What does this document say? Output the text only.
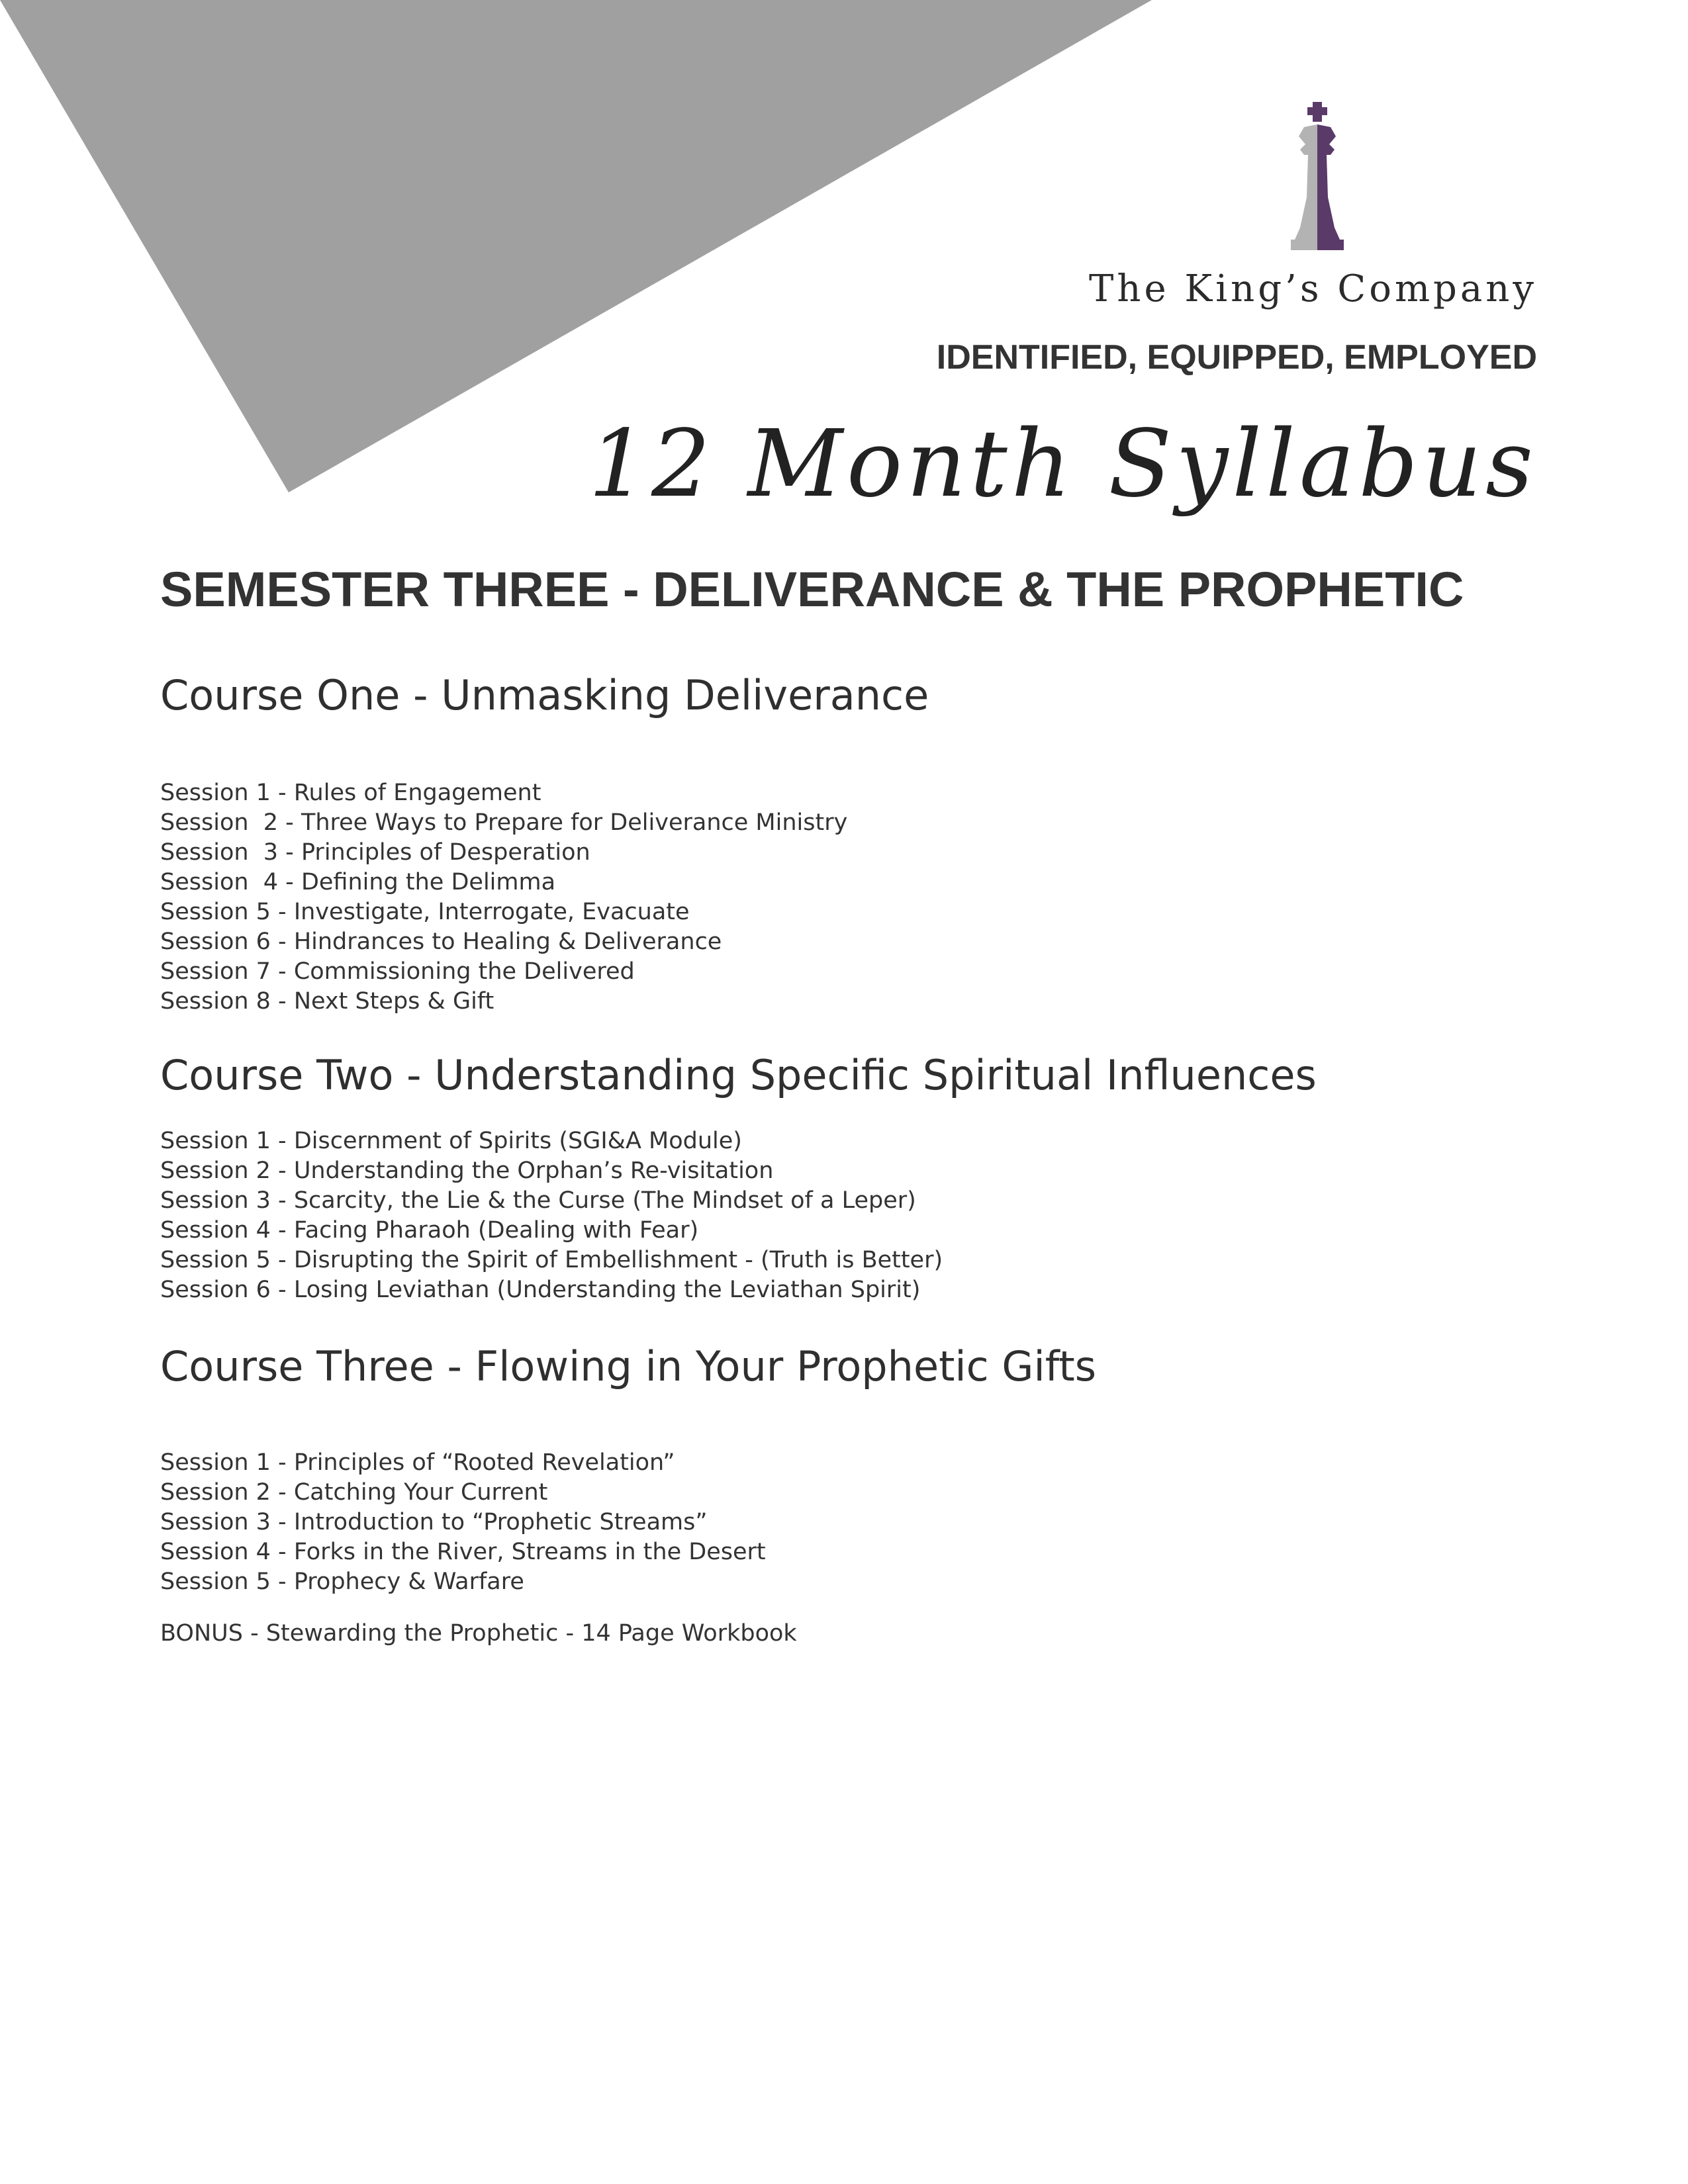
The King’s Company
IDENTIFIED, EQUIPPED, EMPLOYED
12 Month Syllabus
SEMESTER THREE - DELIVERANCE & THE PROPHETIC
Course One - Unmasking Deliverance
Session 1 - Rules of Engagement
Session  2 - Three Ways to Prepare for Deliverance Ministry
Session  3 - Principles of Desperation
Session  4 - Defining the Delimma
Session 5 - Investigate, Interrogate, Evacuate
Session 6 - Hindrances to Healing & Deliverance
Session 7 - Commissioning the Delivered
Session 8 - Next Steps & Gift
Course Two - Understanding Specific Spiritual Influences
Session 1 - Discernment of Spirits (SGI&A Module)
Session 2 - Understanding the Orphan’s Re-visitation
Session 3 - Scarcity, the Lie & the Curse (The Mindset of a Leper)
Session 4 - Facing Pharaoh (Dealing with Fear)
Session 5 - Disrupting the Spirit of Embellishment - (Truth is Better)
Session 6 - Losing Leviathan (Understanding the Leviathan Spirit)
Course Three - Flowing in Your Prophetic Gifts
Session 1 - Principles of “Rooted Revelation”
Session 2 - Catching Your Current
Session 3 - Introduction to “Prophetic Streams”
Session 4 - Forks in the River, Streams in the Desert
Session 5 - Prophecy & Warfare
BONUS - Stewarding the Prophetic - 14 Page Workbook
